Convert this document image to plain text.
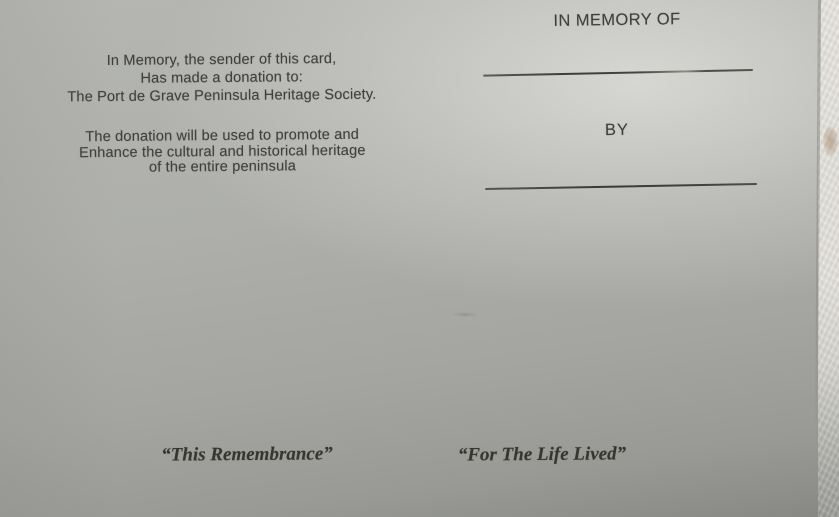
In Memory, the sender of this card,
Has made a donation to:
The Port de Grave Peninsula Heritage Society.
The donation will be used to promote and
Enhance the cultural and historical heritage
of the entire peninsula
IN MEMORY OF
BY
“This Remembrance”	“For The Life Lived”
